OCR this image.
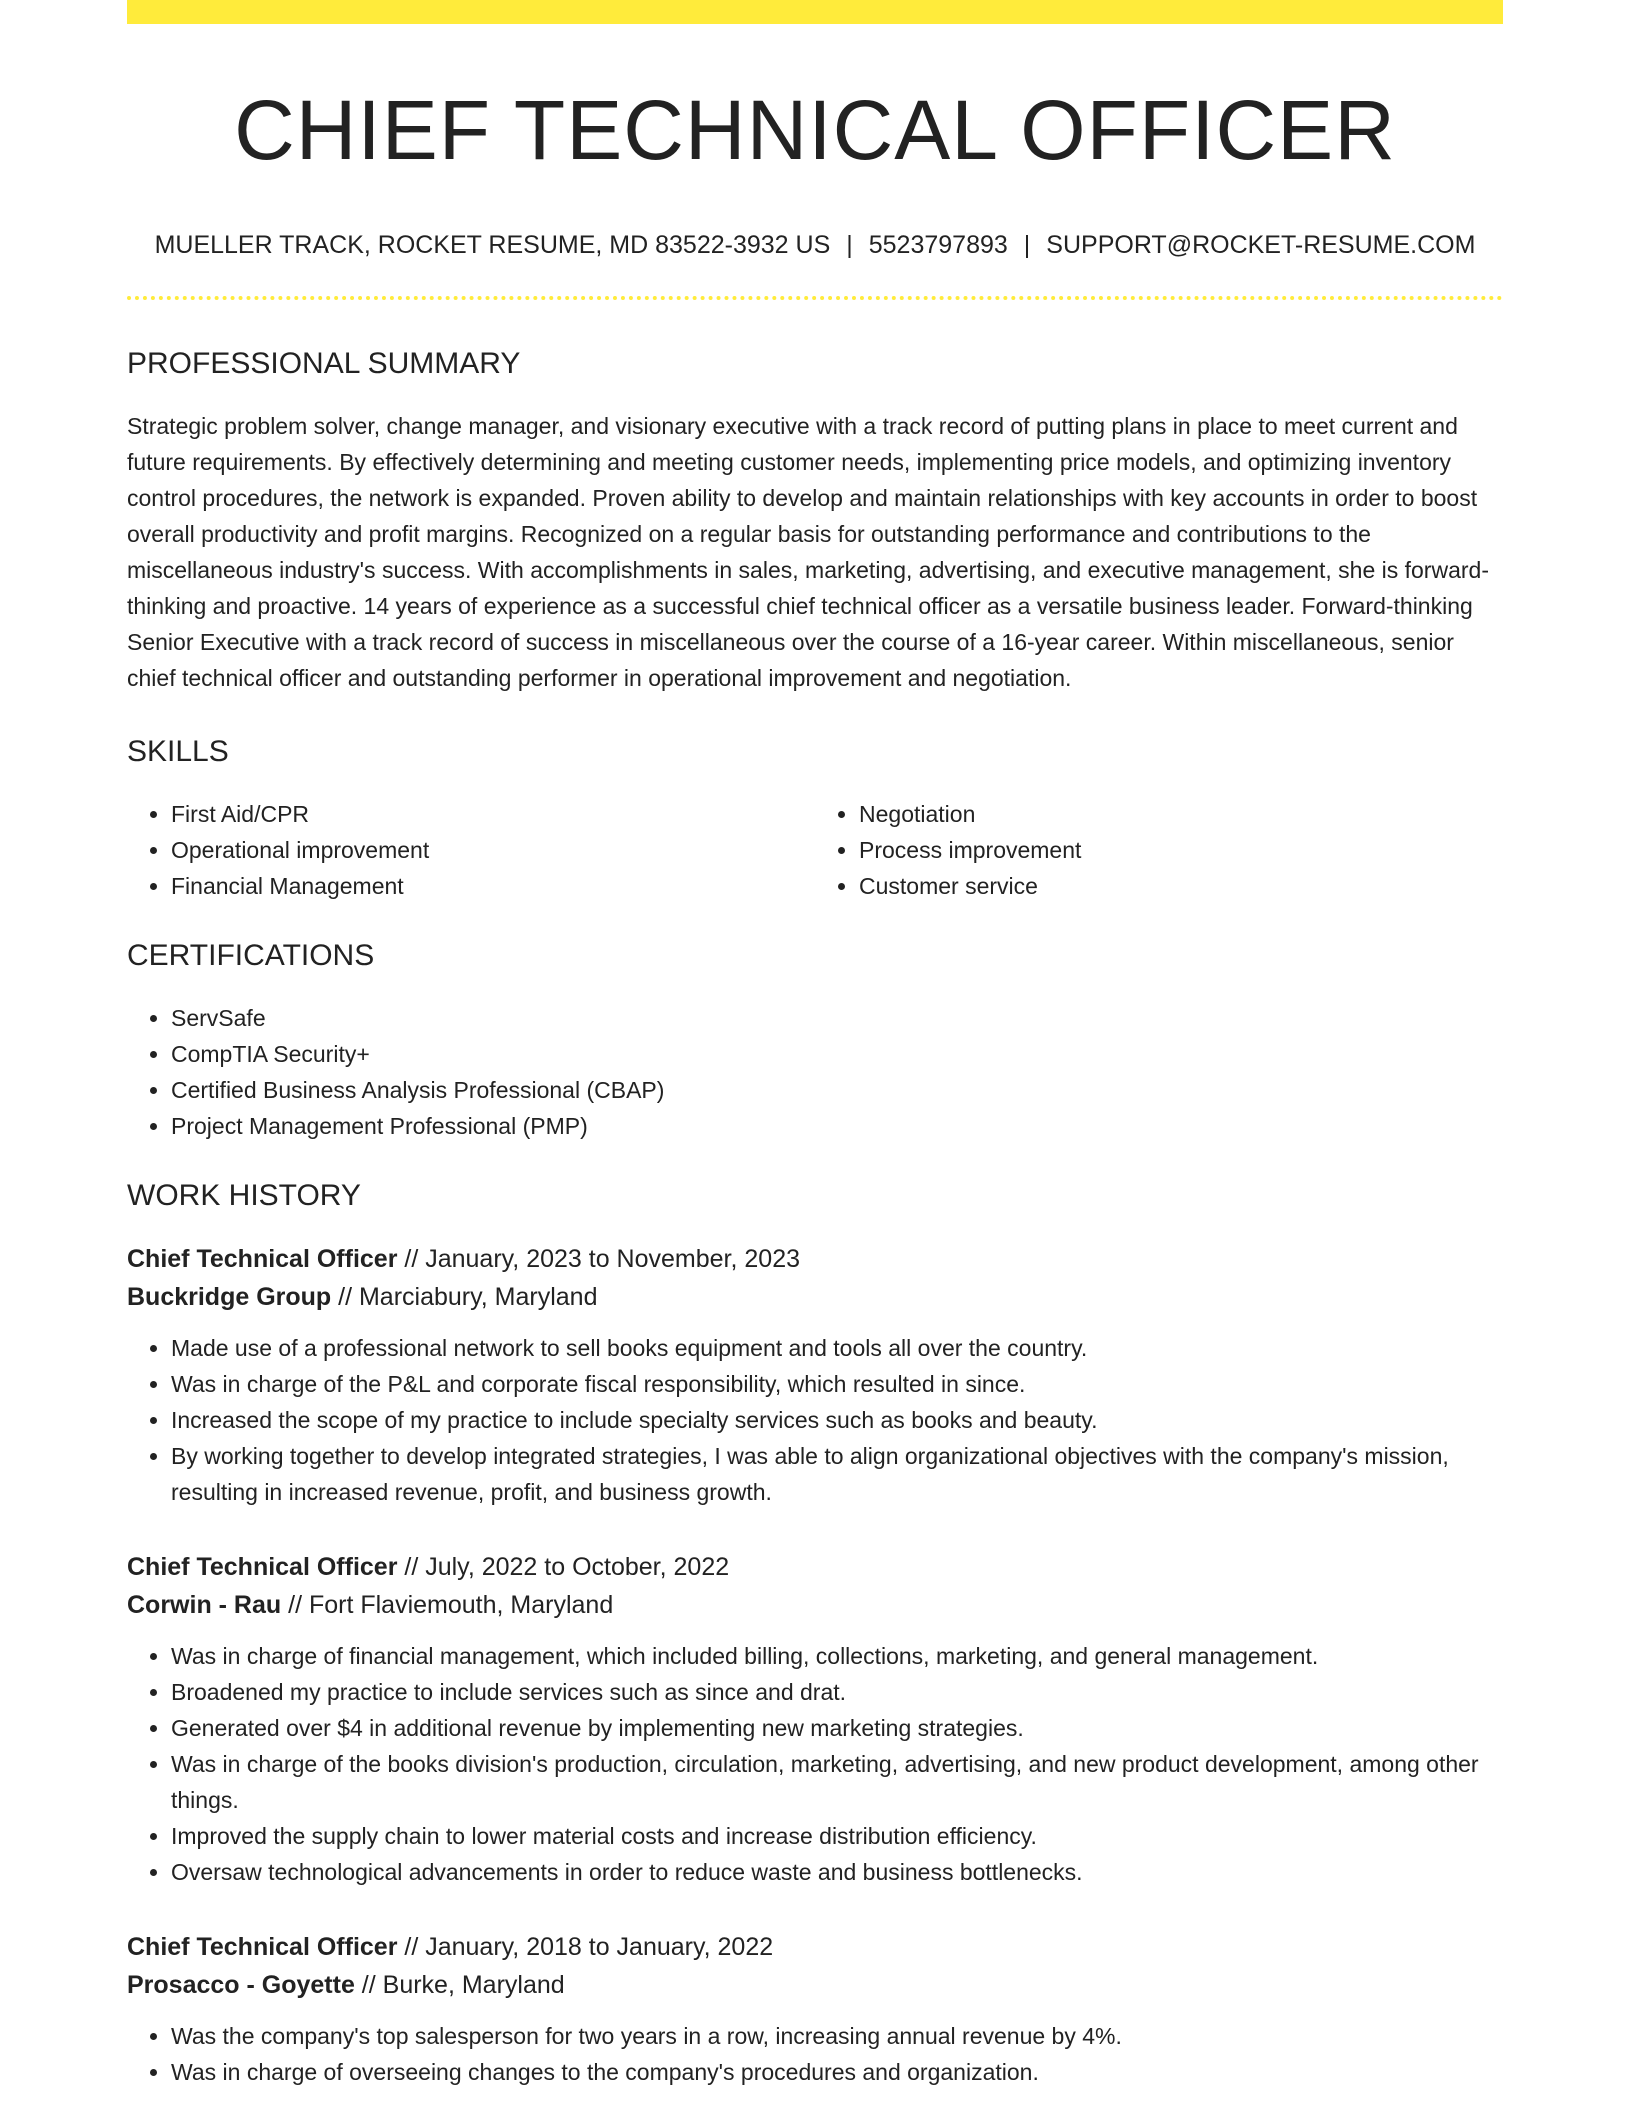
CHIEF TECHNICAL OFFICER
MUELLER TRACK, ROCKET RESUME, MD 83522-3932 US | 5523797893 | SUPPORT@ROCKET-RESUME.COM
PROFESSIONAL SUMMARY

Strategic problem solver, change manager, and visionary executive with a track record of putting plans in place to meet current and future requirements. By effectively determining and meeting customer needs, implementing price models, and optimizing inventory control procedures, the network is expanded. Proven ability to develop and maintain relationships with key accounts in order to boost overall productivity and profit margins. Recognized on a regular basis for outstanding performance and contributions to the miscellaneous industry's success. With accomplishments in sales, marketing, advertising, and executive management, she is forward-thinking and proactive. 14 years of experience as a successful chief technical officer as a versatile business leader. Forward-thinking Senior Executive with a track record of success in miscellaneous over the course of a 16-year career. Within miscellaneous, senior chief technical officer and outstanding performer in operational improvement and negotiation.

SKILLS
• First Aid/CPR
• Operational improvement
• Financial Management
• Negotiation
• Process improvement
• Customer service
CERTIFICATIONS
• ServSafe
• CompTIA Security+
• Certified Business Analysis Professional (CBAP)
• Project Management Professional (PMP)
WORK HISTORY
Chief Technical Officer // January, 2023 to November, 2023
Buckridge Group // Marciabury, Maryland
• Made use of a professional network to sell books equipment and tools all over the country.
• Was in charge of the P&L and corporate fiscal responsibility, which resulted in since.
• Increased the scope of my practice to include specialty services such as books and beauty.
• By working together to develop integrated strategies, I was able to align organizational objectives with the company's mission, resulting in increased revenue, profit, and business growth.
Chief Technical Officer // July, 2022 to October, 2022
Corwin - Rau // Fort Flaviemouth, Maryland
• Was in charge of financial management, which included billing, collections, marketing, and general management.
• Broadened my practice to include services such as since and drat.
• Generated over $4 in additional revenue by implementing new marketing strategies.
• Was in charge of the books division's production, circulation, marketing, advertising, and new product development, among other things.
• Improved the supply chain to lower material costs and increase distribution efficiency.
• Oversaw technological advancements in order to reduce waste and business bottlenecks.
Chief Technical Officer // January, 2018 to January, 2022
Prosacco - Goyette // Burke, Maryland
• Was the company's top salesperson for two years in a row, increasing annual revenue by 4%.
• Was in charge of overseeing changes to the company's procedures and organization.
